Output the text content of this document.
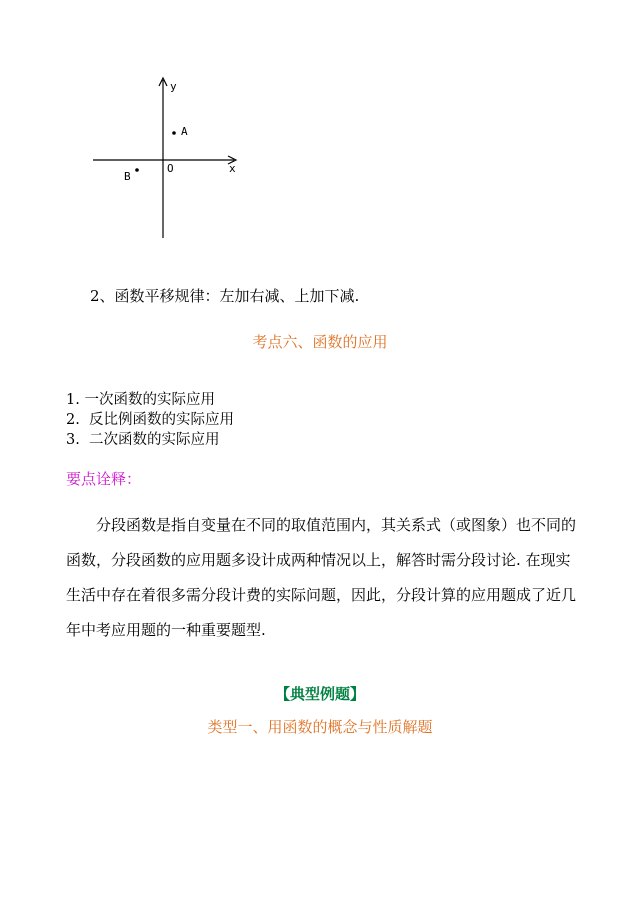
y
x
O
A
B
2、函数平移规律：左加右减、上加下减.
考点六、函数的应用
1. 一次函数的实际应用
2.  反比例函数的实际应用
3.  二次函数的实际应用
要点诠释：
分段函数是指自变量在不同的取值范围内，其关系式（或图象）也不同的
函数，分段函数的应用题多设计成两种情况以上，解答时需分段讨论. 在现实
生活中存在着很多需分段计费的实际问题，因此，分段计算的应用题成了近几
年中考应用题的一种重要题型.
【典型例题】
类型一、用函数的概念与性质解题
